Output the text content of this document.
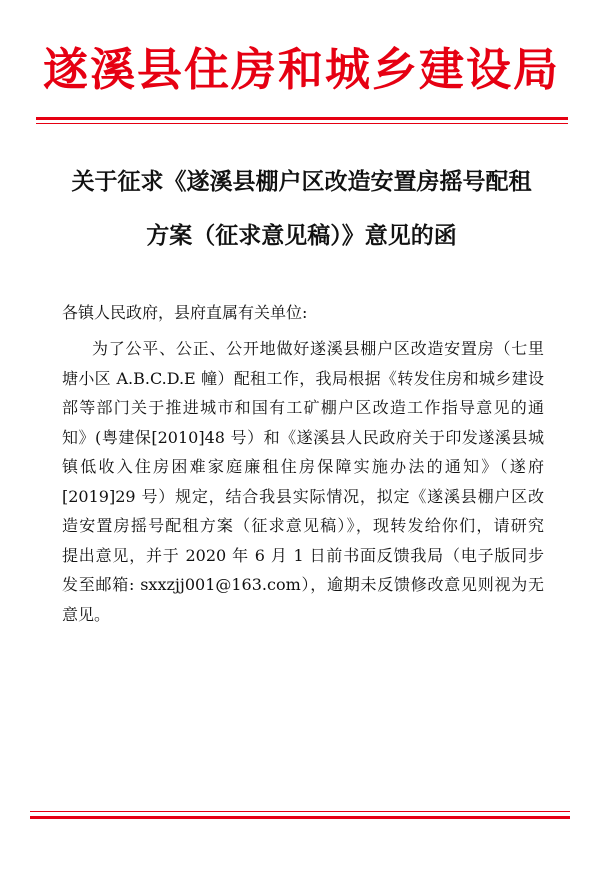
遂溪县住房和城乡建设局
关于征求《遂溪县棚户区改造安置房摇号配租
方案（征求意见稿）》意见的函
各镇人民政府，县府直属有关单位:
为了公平、公正、公开地做好遂溪县棚户区改造安置房（七里
塘小区 A.B.C.D.E 幢）配租工作，我局根据《转发住房和城乡建设
部等部门关于推进城市和国有工矿棚户区改造工作指导意见的通
知》(粤建保[2010]48 号）和《遂溪县人民政府关于印发遂溪县城
镇低收入住房困难家庭廉租住房保障实施办法的通知》（遂府
[2019]29 号）规定，结合我县实际情况，拟定《遂溪县棚户区改
造安置房摇号配租方案（征求意见稿）》，现转发给你们，请研究
提出意见，并于 2020 年 6 月 1 日前书面反馈我局（电子版同步
发至邮箱: sxxzjj001@163.com），逾期未反馈修改意见则视为无
意见。
